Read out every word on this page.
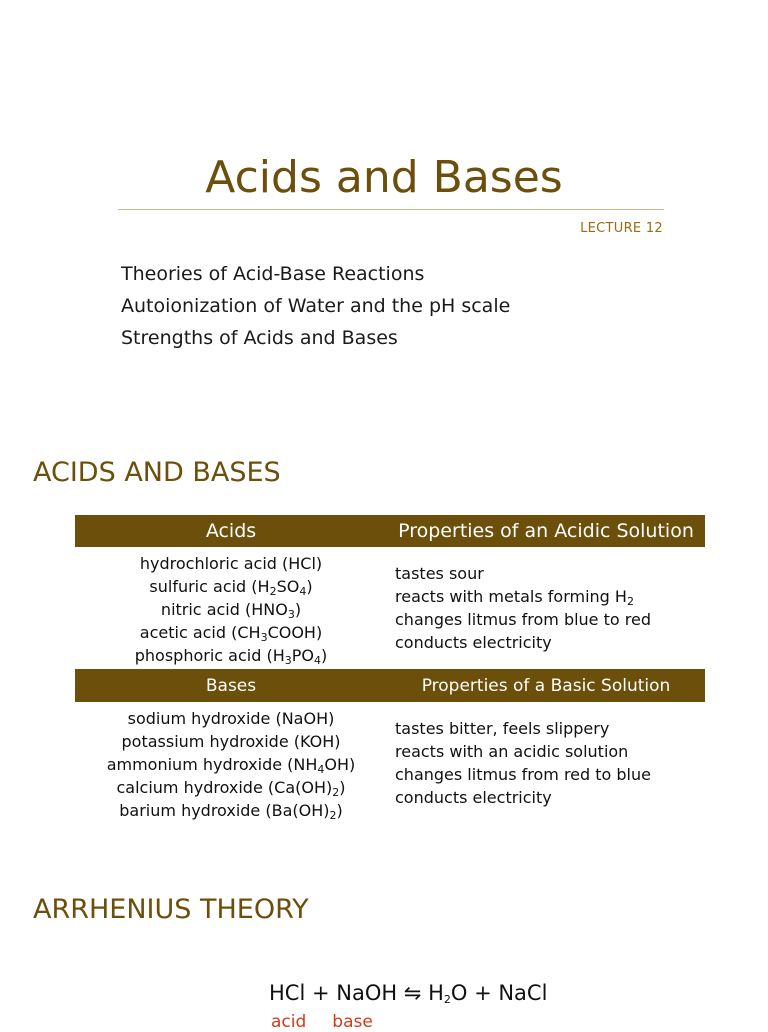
Acids and Bases
LECTURE 12
Theories of Acid-Base Reactions
Autoionization of Water and the pH scale
Strengths of Acids and Bases
ACIDS AND BASES
Acids	Properties of an Acidic Solution
hydrochloric acid (HCl)
sulfuric acid $(H_2SO_4)$
nitric acid $(HNO_3)$
acetic acid $(CH_3COOH)$
phosphoric acid $(H_3PO_4)$
tastes sour
reacts with metals forming $H_2$
changes litmus from blue to red
conducts electricity
Bases	Properties of a Basic Solution
sodium hydroxide (NaOH)
potassium hydroxide (KOH)
ammonium hydroxide $(NH_4OH)$
calcium hydroxide $(Ca(OH)_2)$
barium hydroxide $(Ba(OH)_2)$
tastes bitter, feels slippery
reacts with an acidic solution
changes litmus from red to blue
conducts electricity
ARRHENIUS THEORY
HCl + NaOH ⇋ $H_2O$ + NaCl
acid base
